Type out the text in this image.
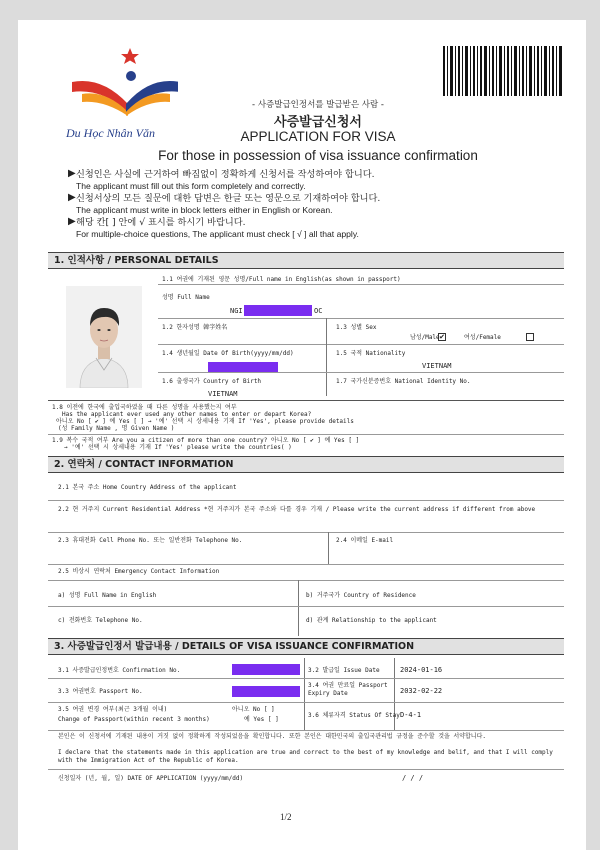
Du Học Nhân Văn
- 사증발급인정서를 발급받은 사람 -
사증발급신청서
APPLICATION FOR VISA
For those in possession of visa issuance confirmation
▶ 신청인은 사실에 근거하여 빠짐없이 정확하게 신청서를 작성하여야 합니다.
The applicant must fill out this form completely and correctly.
▶ 신청서상의 모든 질문에 대한 답변은 한글 또는 영문으로 기재하여야 합니다.
The applicant must write in block letters either in English or Korean.
▶ 해당 칸[ ] 안에 √ 표시를 하시기 바랍니다.
For multiple-choice questions, The applicant must check [ √ ] all that apply.
1. 인적사항 / PERSONAL DETAILS
1.1 여권에 기재된 영문 성명/Full name in English(as shown in passport)
성명 Full Name
NGI	OC
1.2 한자성명 韓字姓名	1.3 성별 Sex
남성/Male ✔	여성/Female
1.4 생년월일 Date Of Birth(yyyy/mm/dd)	1.5 국적 Nationality
VIETNAM
1.6 출생국가 Country of Birth
VIETNAM
1.7 국가신분증번호 National Identity No.
1.8 이전에 한국에 출입국하였을 때 다른 성명을 사용했는지 여부
Has the applicant ever used any other names to enter or depart Korea?
아니오 No [ ✔ ] 예 Yes [ ] → '예' 선택 시 상세내용 기재 If 'Yes', please provide details
(성 Family Name , 명 Given Name )
1.9 복수 국적 여부 Are you a citizen of more than one country? 아니오 No [ ✔ ] 예 Yes [ ]
→ '예' 선택 시 상세내용 기재 If 'Yes' please write the countries( )
2. 연락처 / CONTACT INFORMATION
2.1 본국 주소 Home Country Address of the applicant
2.2 현 거주지 Current Residential Address *현 거주지가 본국 주소와 다를 경우 기재 / Please write the current address if different from above
2.3 휴대전화 Cell Phone No. 또는 일반전화 Telephone No.	2.4 이메일 E-mail
2.5 비상시 연락처 Emergency Contact Information
a) 성명 Full Name in English	b) 거주국가 Country of Residence
c) 전화번호 Telephone No.	d) 관계 Relationship to the applicant
3. 사증발급인정서 발급내용 / DETAILS OF VISA ISSUANCE CONFIRMATION
3.1 사증발급인정번호 Confirmation No.	3.2 발급일 Issue Date	2024-01-16
3.3 여권번호 Passport No.
3.4 여권 만료일 Passport Expiry Date	2032-02-22
3.5 여권 변경 여부(최근 3개월 이내)
Change of Passport(within recent 3 months)
아니오 No [ ]
예 Yes [ ]
3.6 체류자격 Status Of Stay D-4-1
본인은 이 신청서에 기재된 내용이 거짓 없이 정확하게 작성되었음을 확인합니다. 또한 본인은 대한민국의 출입국관리법 규정을 준수할 것을 서약합니다.
I declare that the statements made in this application are true and correct to the best of my knowledge and belif, and that I will comply with the Immigration Act of the Republic of Korea.
신청일자 (년, 월, 일) DATE OF APPLICATION (yyyy/mm/dd)	/ / /
1/2
